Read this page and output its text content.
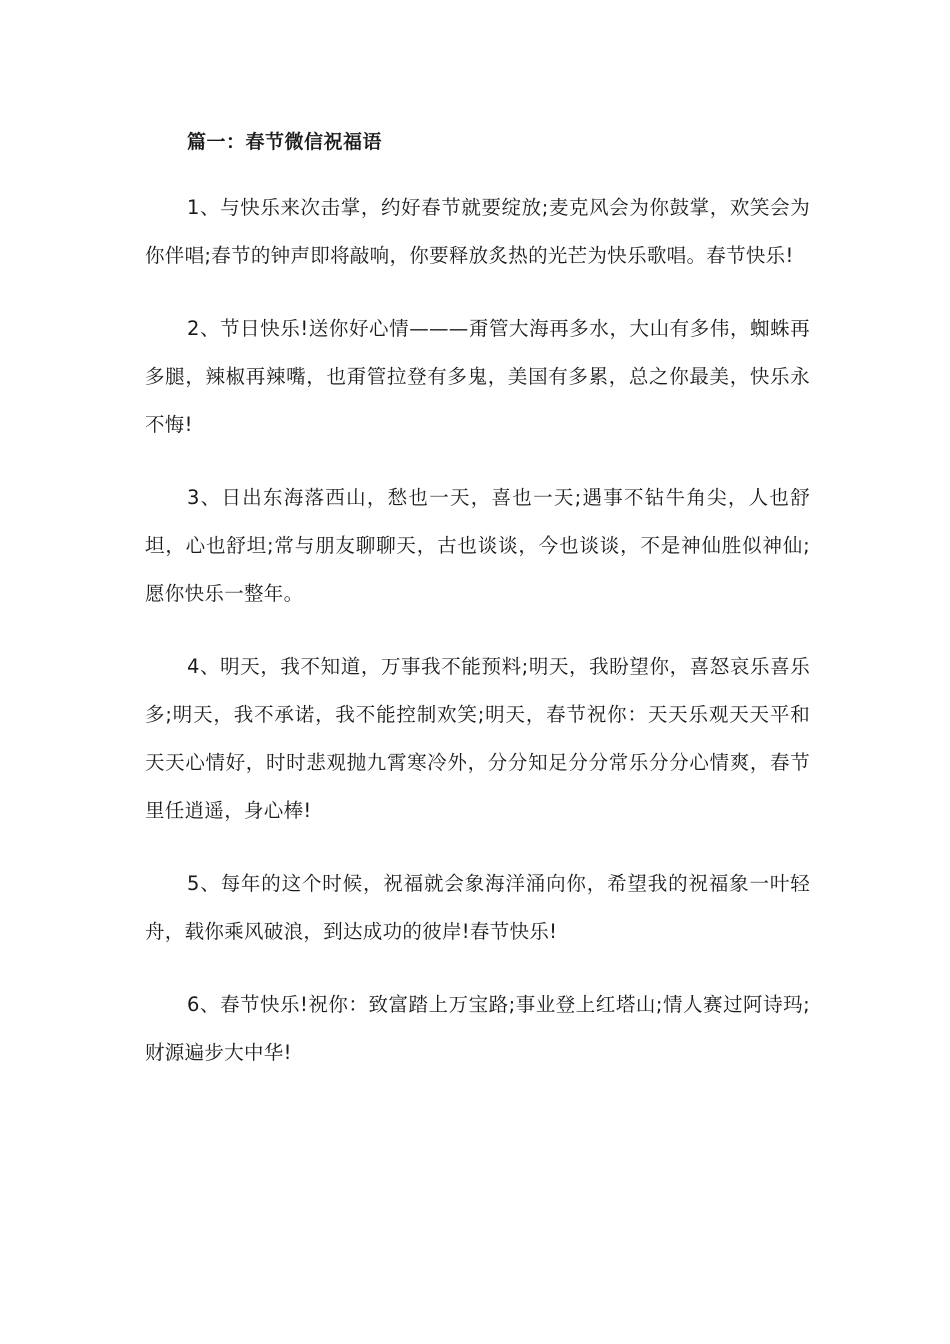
篇一：春节微信祝福语

1、与快乐来次击掌，约好春节就要绽放;麦克风会为你鼓掌，欢笑会为你伴唱;春节的钟声即将敲响，你要释放炙热的光芒为快乐歌唱。春节快乐!

2、节日快乐!送你好心情———甭管大海再多水，大山有多伟，蜘蛛再多腿，辣椒再辣嘴，也甭管拉登有多鬼，美国有多累，总之你最美，快乐永不悔!

3、日出东海落西山，愁也一天，喜也一天;遇事不钻牛角尖，人也舒坦，心也舒坦;常与朋友聊聊天，古也谈谈，今也谈谈，不是神仙胜似神仙;愿你快乐一整年。

4、明天，我不知道，万事我不能预料;明天，我盼望你，喜怒哀乐喜乐多;明天，我不承诺，我不能控制欢笑;明天，春节祝你：天天乐观天天平和天天心情好，时时悲观抛九霄寒冷外，分分知足分分常乐分分心情爽，春节里任逍遥，身心棒!

5、每年的这个时候，祝福就会象海洋涌向你，希望我的祝福象一叶轻舟，载你乘风破浪，到达成功的彼岸!春节快乐!

6、春节快乐!祝你：致富踏上万宝路;事业登上红塔山;情人赛过阿诗玛;财源遍步大中华!
